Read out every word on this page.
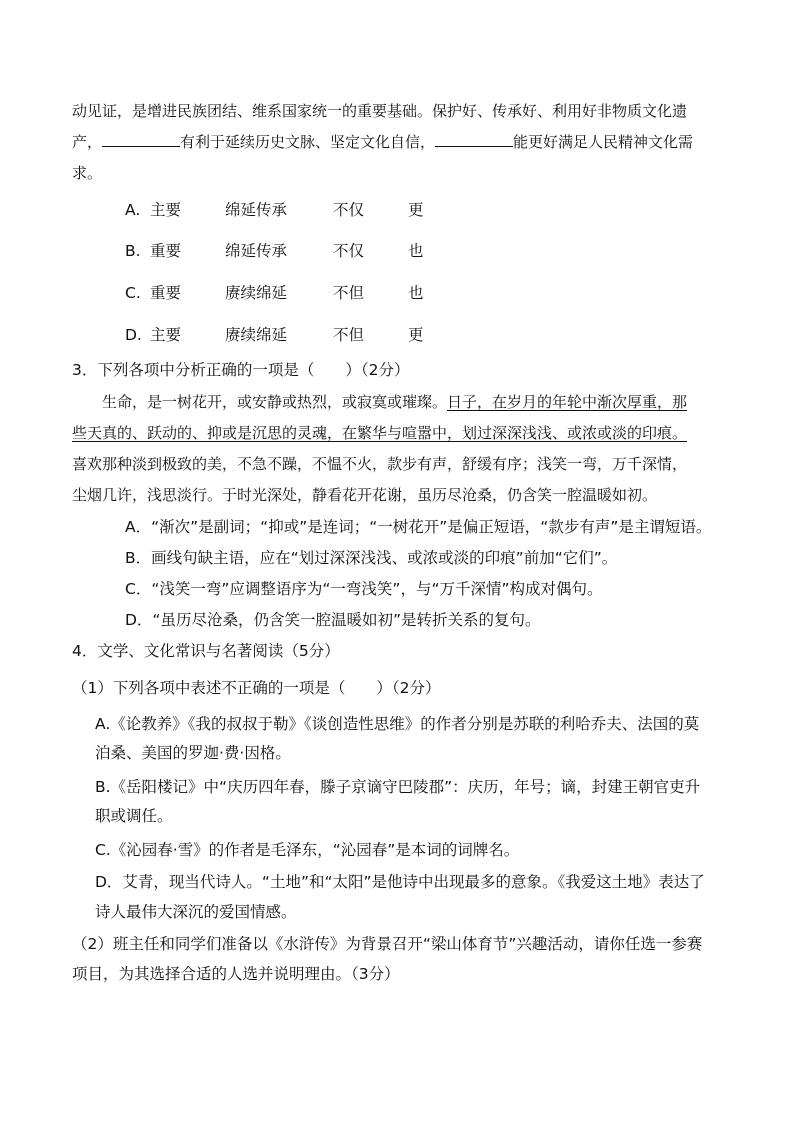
动见证，是增进民族团结、维系国家统一的重要基础。保护好、传承好、利用好非物质文化遗
产，	有利于延续历史文脉、坚定文化自信，	能更好满足人民精神文化需
求。
A. 主要	绵延传承	不仅	更
B. 重要	绵延传承	不仅	也
C. 重要	赓续绵延	不但	也
D. 主要	赓续绵延	不但	更
3．下列各项中分析正确的一项是（　　）（2分）
生命，是一树花开，或安静或热烈，或寂寞或璀璨。日子，在岁月的年轮中渐次厚重，那
些天真的、跃动的、抑或是沉思的灵魂，在繁华与喧嚣中，划过深深浅浅、或浓或淡的印痕。
喜欢那种淡到极致的美，不急不躁，不愠不火，款步有声，舒缓有序；浅笑一弯，万千深情，
尘烟几许，浅思淡行。于时光深处，静看花开花谢，虽历尽沧桑，仍含笑一腔温暖如初。
A．“渐次”是副词；“抑或”是连词；“一树花开”是偏正短语，“款步有声”是主谓短语。
B．画线句缺主语，应在“划过深深浅浅、或浓或淡的印痕”前加“它们”。
C．“浅笑一弯”应调整语序为“一弯浅笑”，与“万千深情”构成对偶句。
D．“虽历尽沧桑，仍含笑一腔温暖如初”是转折关系的复句。
4．文学、文化常识与名著阅读（5分）
（1）下列各项中表述不正确的一项是（　　）（2分）
A.《论教养》《我的叔叔于勒》《谈创造性思维》的作者分别是苏联的利哈乔夫、法国的莫
泊桑、美国的罗迦·费·因格。
B.《岳阳楼记》中“庆历四年春，滕子京谪守巴陵郡”：庆历，年号；谪，封建王朝官吏升
职或调任。
C.《沁园春·雪》的作者是毛泽东，“沁园春”是本词的词牌名。
D．艾青，现当代诗人。“土地”和“太阳”是他诗中出现最多的意象。《我爱这土地》表达了
诗人最伟大深沉的爱国情感。
（2）班主任和同学们准备以《水浒传》为背景召开“梁山体育节”兴趣活动，请你任选一参赛
项目，为其选择合适的人选并说明理由。（3分）
